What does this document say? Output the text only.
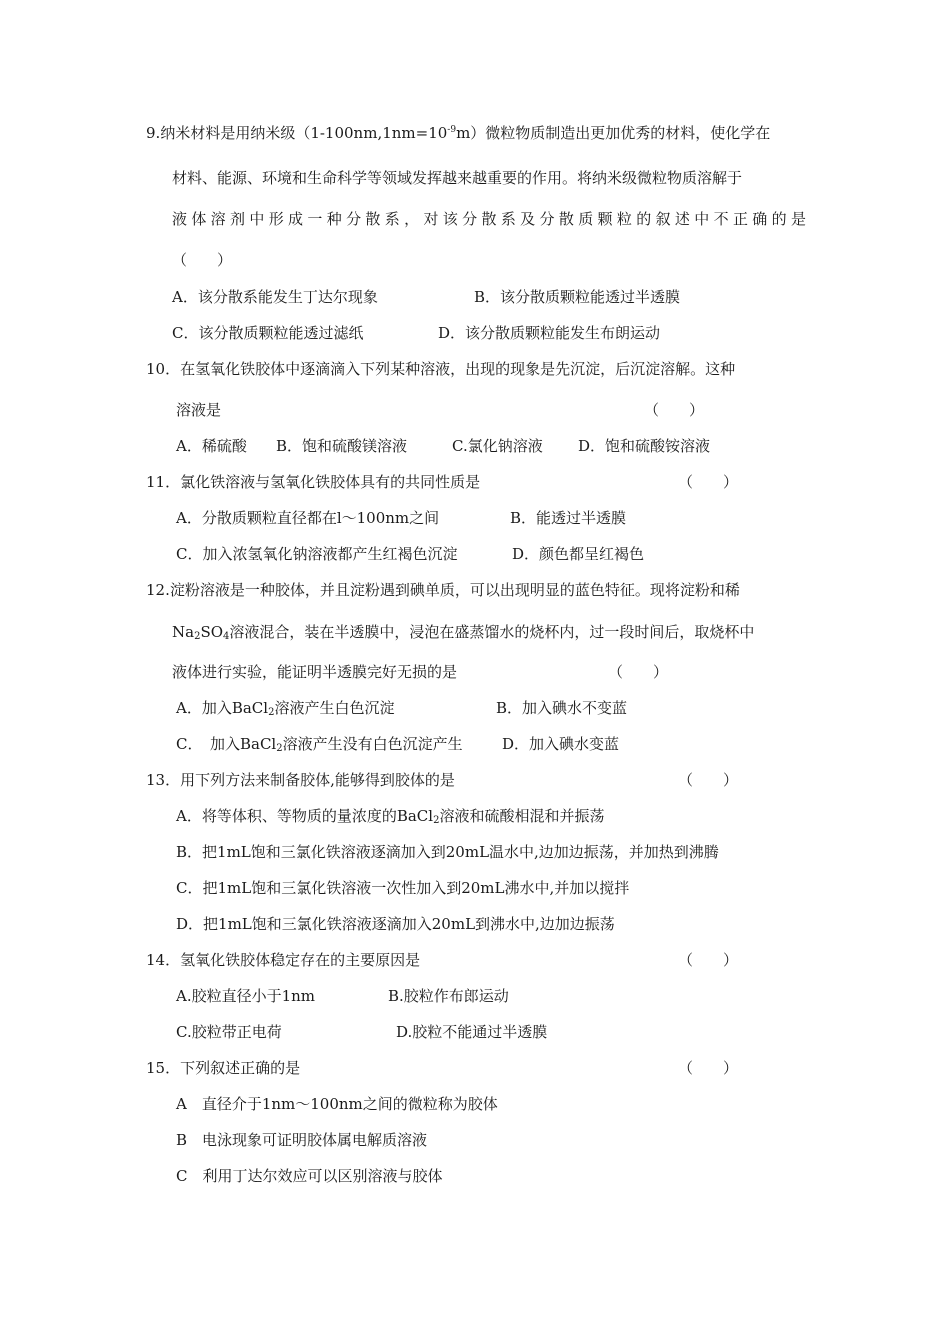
9.纳米材料是用纳米级$(1-100nm,1nm=10^{-9}m)$微粒物质制造出更加优秀的材料，使化学在
材料、能源、环境和生命科学等领域发挥越来越重要的作用。将纳米级微粒物质溶解于
液体溶剂中形成一种分散系，对该分散系及分散质颗粒的叙述中不正确的是
（　　）
A．该分散系能发生丁达尔现象	B．该分散质颗粒能透过半透膜
C．该分散质颗粒能透过滤纸	D．该分散质颗粒能发生布朗运动
10．在氢氧化铁胶体中逐滴滴入下列某种溶液，出现的现象是先沉淀，后沉淀溶解。这种
溶液是	（　　）
A．稀硫酸 B．饱和硫酸镁溶液	C.氯化钠溶液 D．饱和硫酸铵溶液
11．氯化铁溶液与氢氧化铁胶体具有的共同性质是	（　　）
A．分散质颗粒直径都在l～100nm之间	B．能透过半透膜
C．加入浓氢氧化钠溶液都产生红褐色沉淀	D．颜色都呈红褐色
12.淀粉溶液是一种胶体，并且淀粉遇到碘单质，可以出现明显的蓝色特征。现将淀粉和稀
$Na_2SO_4$溶液混合，装在半透膜中，浸泡在盛蒸馏水的烧杯内，过一段时间后，取烧杯中
液体进行实验，能证明半透膜完好无损的是	（　　）
A．加入BaCl$_2$溶液产生白色沉淀	B．加入碘水不变蓝
C．　加入BaCl$_2$溶液产生没有白色沉淀产生	D．加入碘水变蓝
13．用下列方法来制备胶体,能够得到胶体的是	（　　）
A．将等体积、等物质的量浓度的BaCl$_2$溶液和硫酸相混和并振荡
B．把1mL饱和三氯化铁溶液逐滴加入到20mL温水中,边加边振荡，并加热到沸腾
C．把1mL饱和三氯化铁溶液一次性加入到20mL沸水中,并加以搅拌
D．把1mL饱和三氯化铁溶液逐滴加入20mL到沸水中,边加边振荡
14．氢氧化铁胶体稳定存在的主要原因是	（　　）
A.胶粒直径小于1nm	B.胶粒作布郎运动
C.胶粒带正电荷	D.胶粒不能通过半透膜
15．下列叙述正确的是	（　　）
A　直径介于1nm～100nm之间的微粒称为胶体
B　电泳现象可证明胶体属电解质溶液
C　利用丁达尔效应可以区别溶液与胶体
